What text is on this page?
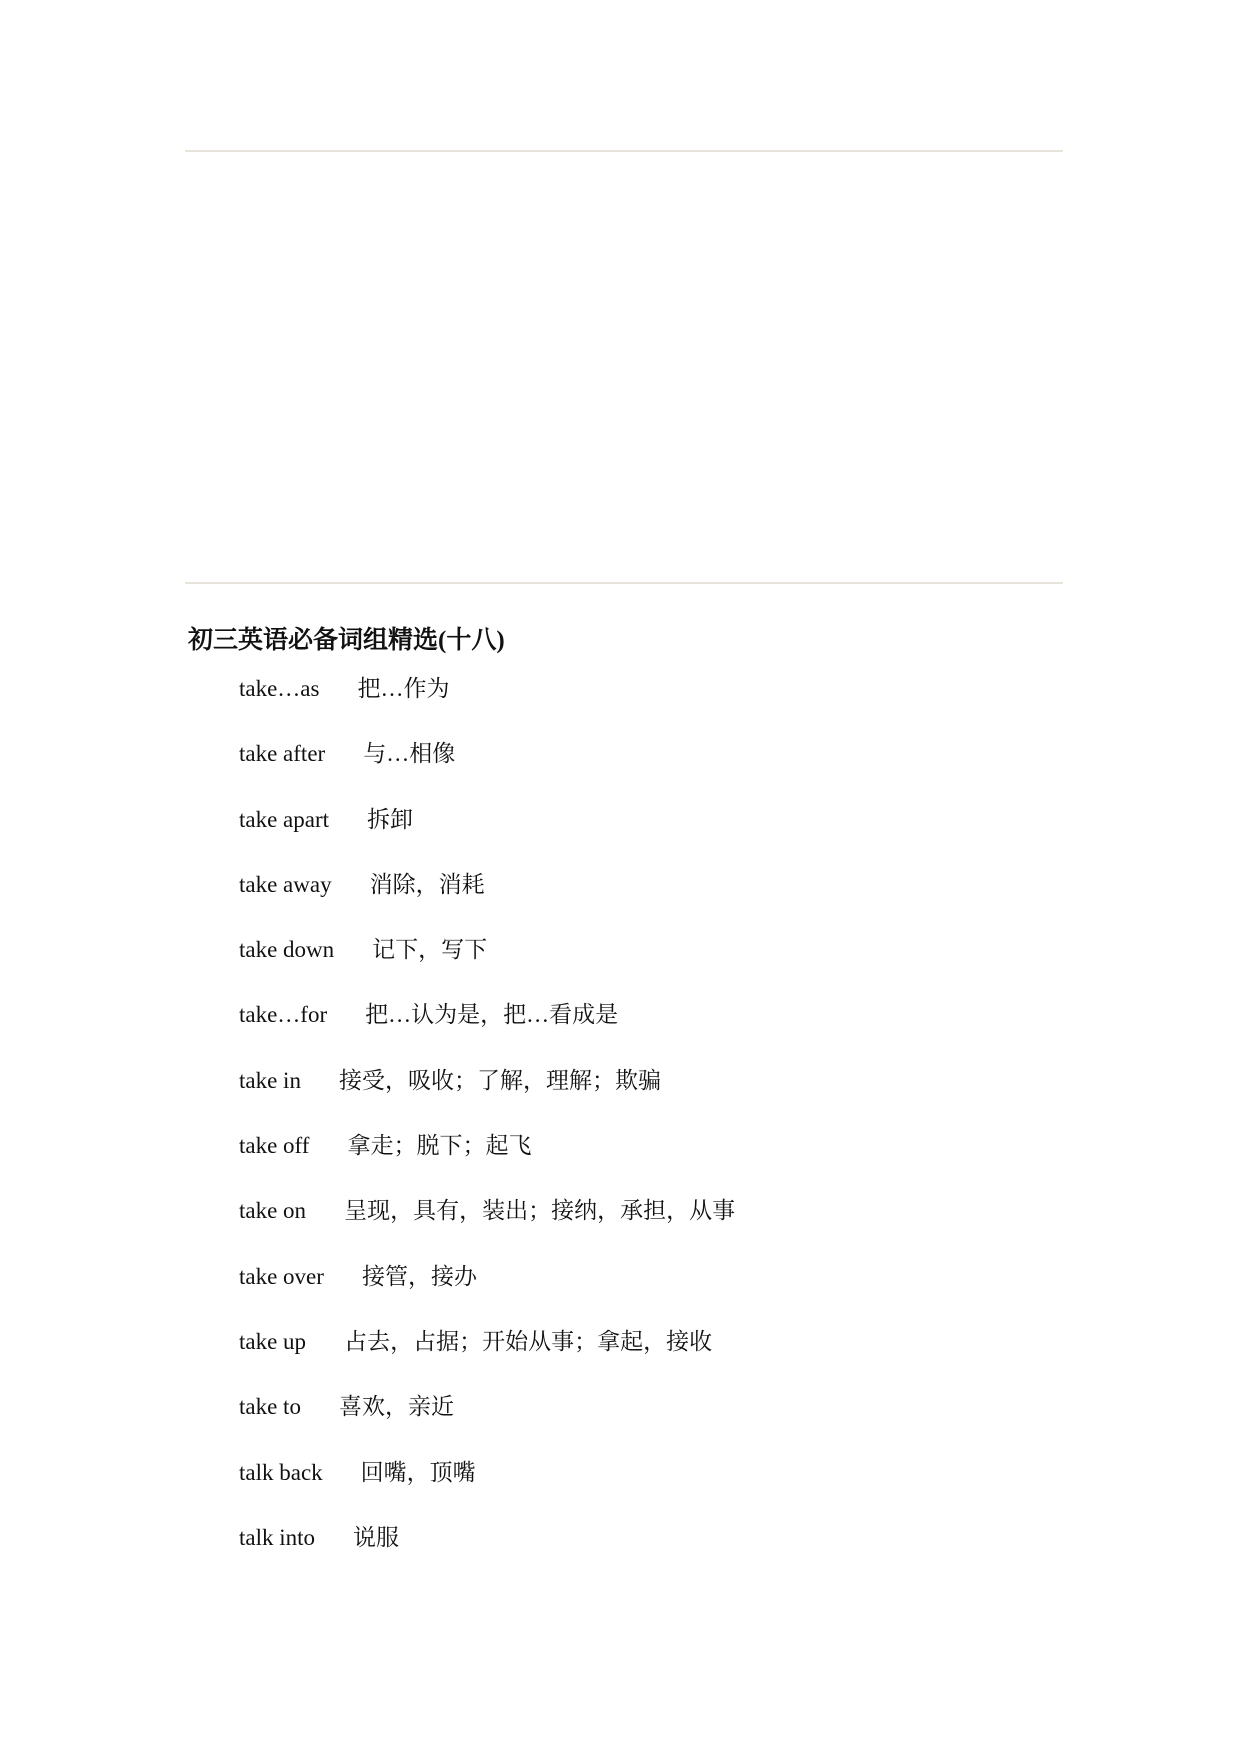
初三英语必备词组精选(十八)
take…as 把…作为
take after 与…相像
take apart 拆卸
take away 消除，消耗
take down 记下，写下
take…for 把…认为是，把…看成是
take in 接受，吸收；了解，理解；欺骗
take off 拿走；脱下；起飞
take on 呈现，具有，装出；接纳，承担，从事
take over 接管，接办
take up 占去，占据；开始从事；拿起，接收
take to 喜欢，亲近
talk back 回嘴，顶嘴
talk into 说服
